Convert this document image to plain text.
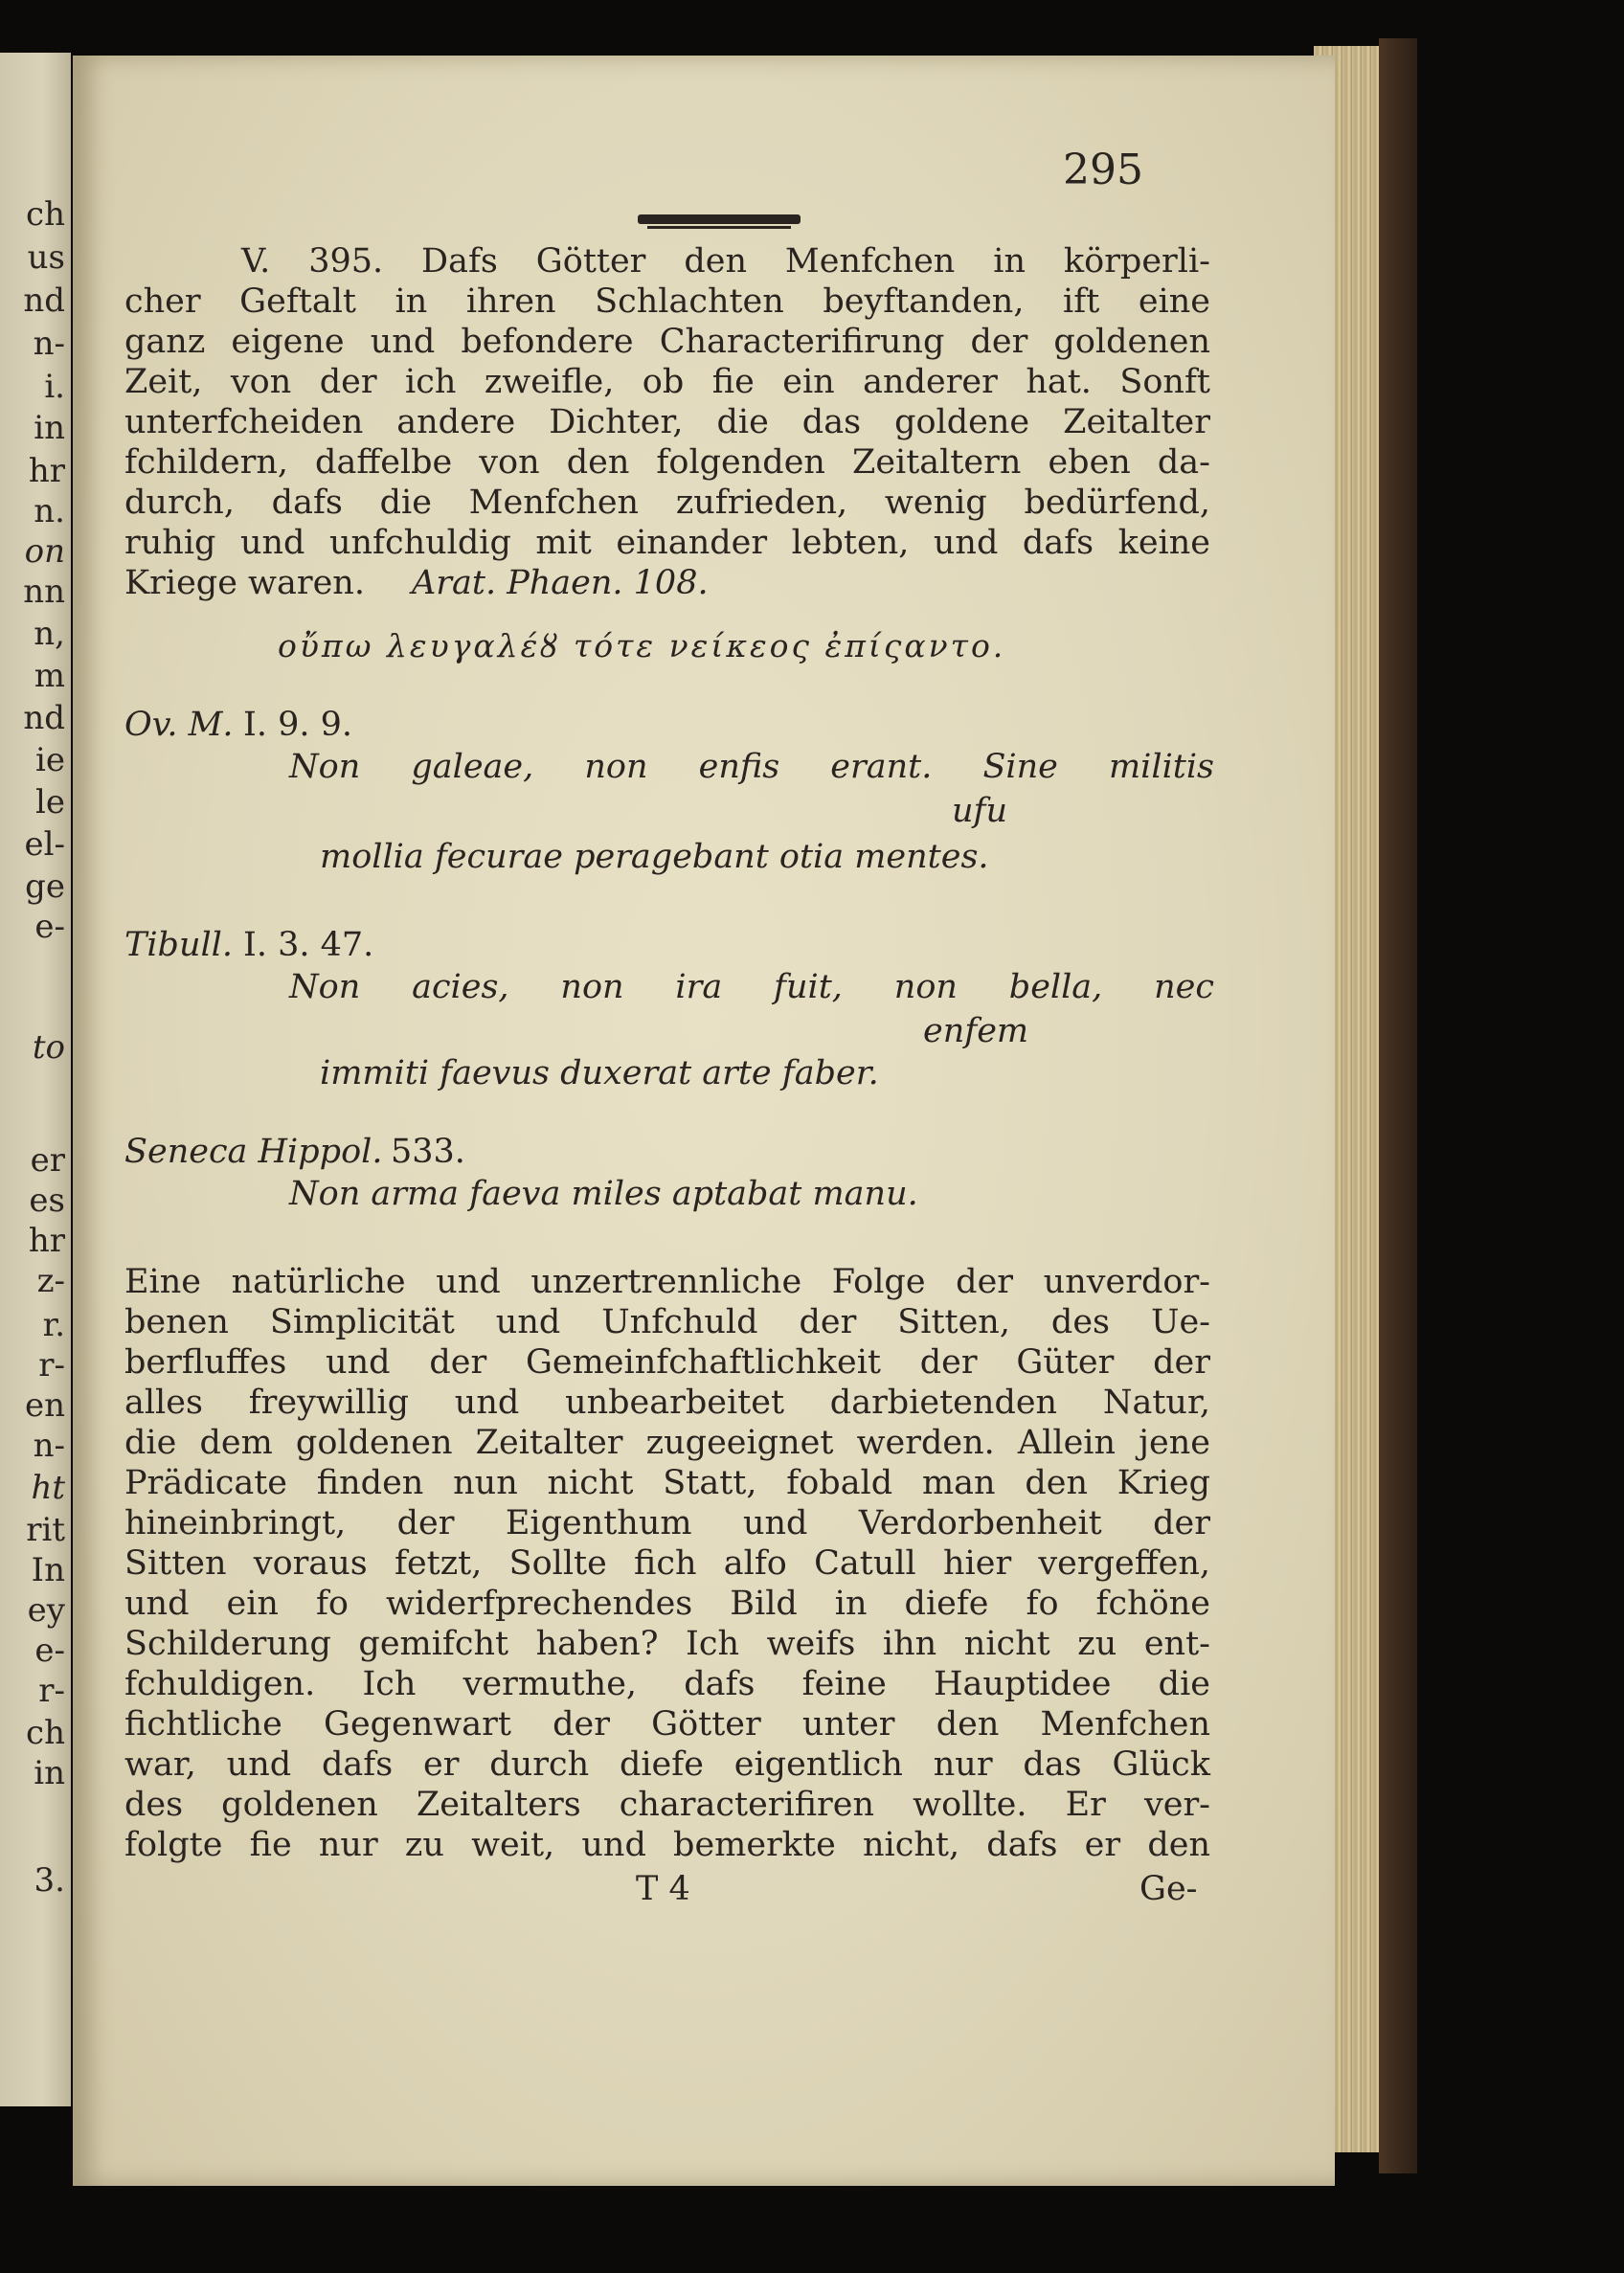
ch
us
nd
n-
i.
in
hr
n.
on
nn
n,
m
nd
ie
le
el-
ge
e-
to
er
es
hr
z-
r.
r-
en
n-
ht
rit
In
ey
e-
r-
ch
in
3.
295
V. 395. Dafs Götter den Menfchen in körperli-
cher Geftalt in ihren Schlachten beyftanden, ift eine
ganz eigene und befondere Characterifirung der goldenen
Zeit, von der ich zweifle, ob fie ein anderer hat. Sonft
unterfcheiden andere Dichter, die das goldene Zeitalter
fchildern, daffelbe von den folgenden Zeitaltern eben da-
durch, dafs die Menfchen zufrieden, wenig bedürfend,
ruhig und unfchuldig mit einander lebten, und dafs keine
Kriege waren. Arat. Phaen. 108.
οὔπω λευγαλέȣ τότε νείκεος ἐπίςαντο.
Ov. M. I. 9. 9.
Non galeae, non enfis erant. Sine militis
ufu
mollia fecurae peragebant otia mentes.
Tibull. I. 3. 47.
Non acies, non ira fuit, non bella, nec
enfem
immiti faevus duxerat arte faber.
Seneca Hippol. 533.
Non arma faeva miles aptabat manu.
Eine natürliche und unzertrennliche Folge der unverdor-
benen Simplicität und Unfchuld der Sitten, des Ue-
berfluffes und der Gemeinfchaftlichkeit der Güter der
alles freywillig und unbearbeitet darbietenden Natur,
die dem goldenen Zeitalter zugeeignet werden. Allein jene
Prädicate finden nun nicht Statt, fobald man den Krieg
hineinbringt, der Eigenthum und Verdorbenheit der
Sitten voraus fetzt, Sollte fich alfo Catull hier vergeffen,
und ein fo widerfprechendes Bild in diefe fo fchöne
Schilderung gemifcht haben? Ich weifs ihn nicht zu ent-
fchuldigen. Ich vermuthe, dafs feine Hauptidee die
fichtliche Gegenwart der Götter unter den Menfchen
war, und dafs er durch diefe eigentlich nur das Glück
des goldenen Zeitalters characterifiren wollte. Er ver-
folgte fie nur zu weit, und bemerkte nicht, dafs er den
T 4	Ge-
